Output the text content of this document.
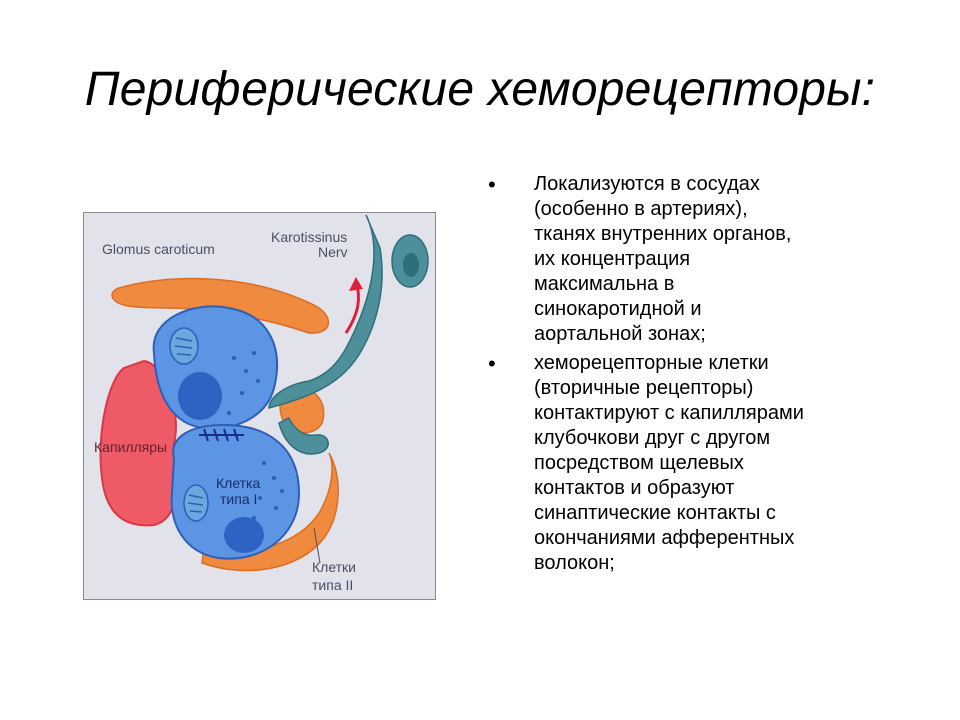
Периферические хеморецепторы:
Glomus caroticum
Karotissinus
Nerv
Капилляры
Клетка
типа I
Клетки
типа II
•	Локализуются в сосудах
(особенно в артериях),
тканях внутренних органов,
их концентрация
максимальна в
синокаротидной и
аортальной зонах;
•	хеморецепторные клетки
(вторичные рецепторы)
контактируют с капиллярами
клубочкови друг с другом
посредством щелевых
контактов и образуют
синаптические контакты с
окончаниями афферентных
волокон;
